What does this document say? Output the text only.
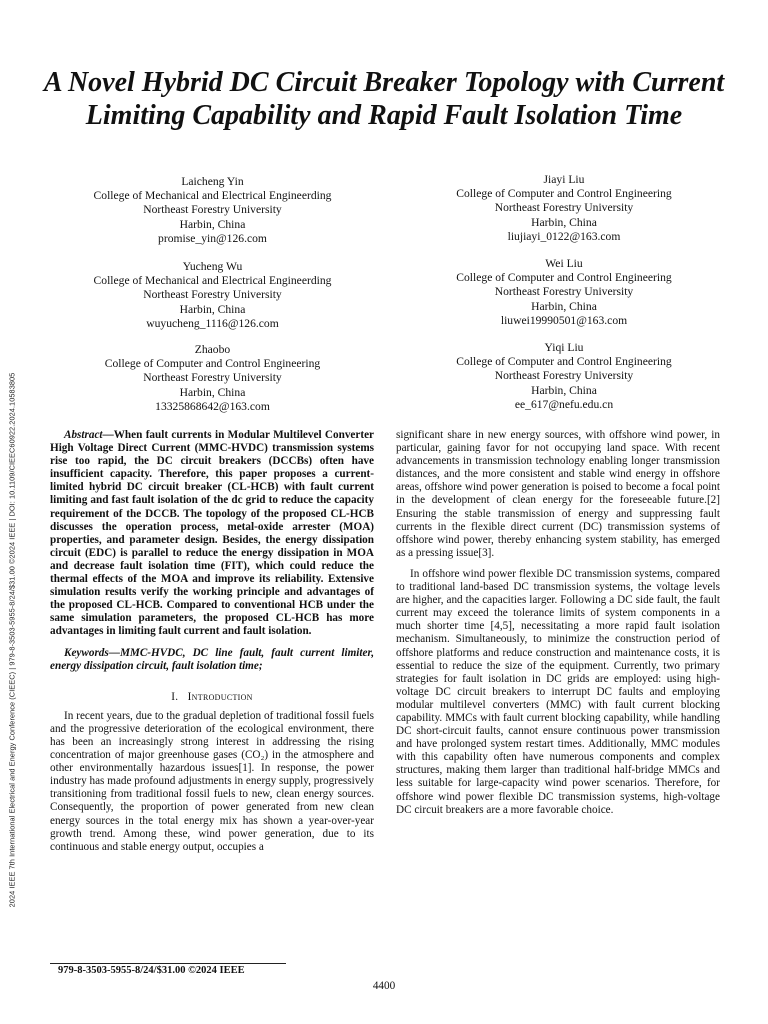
2024 IEEE 7th International Electrical and Energy Conference (CIEEC) | 979-8-3503-5955-8/24/$31.00 ©2024 IEEE | DOI: 10.1109/CIEEC60922.2024.10583805
A Novel Hybrid DC Circuit Breaker Topology with Current Limiting Capability and Rapid Fault Isolation Time
Laicheng Yin
College of Mechanical and Electrical Engineerding
Northeast Forestry University
Harbin, China
promise_yin@126.com
Jiayi Liu
College of Computer and Control Engineering
Northeast Forestry University
Harbin, China
liujiayi_0122@163.com
Yucheng Wu
College of Mechanical and Electrical Engineerding
Northeast Forestry University
Harbin, China
wuyucheng_1116@126.com
Wei Liu
College of Computer and Control Engineering
Northeast Forestry University
Harbin, China
liuwei19990501@163.com
Zhaobo
College of Computer and Control Engineering
Northeast Forestry University
Harbin, China
13325868642@163.com
Yiqi Liu
College of Computer and Control Engineering
Northeast Forestry University
Harbin, China
ee_617@nefu.edu.cn

Abstract—When fault currents in Modular Multilevel Converter High Voltage Direct Current (MMC-HVDC) transmission systems rise too rapid, the DC circuit breakers (DCCBs) often have insufficient capacity. Therefore, this paper proposes a current-limited hybrid DC circuit breaker (CL-HCB) with fault current limiting and fast fault isolation of the dc grid to reduce the capacity requirement of the DCCB. The topology of the proposed CL-HCB discusses the operation process, metal-oxide arrester (MOA) properties, and parameter design. Besides, the energy dissipation circuit (EDC) is parallel to reduce the energy dissipation in MOA and decrease fault isolation time (FIT), which could reduce the thermal effects of the MOA and improve its reliability. Extensive simulation results verify the working principle and advantages of the proposed CL-HCB. Compared to conventional HCB under the same simulation parameters, the proposed CL-HCB has more advantages in limiting fault current and fault isolation.

Keywords—MMC-HVDC, DC line fault, fault current limiter, energy dissipation circuit, fault isolation time;

I. Introduction

In recent years, due to the gradual depletion of traditional fossil fuels and the progressive deterioration of the ecological environment, there has been an increasingly strong interest in addressing the rising concentration of major greenhouse gases (CO₂) in the atmosphere and other environmentally hazardous issues[1]. In response, the power industry has made profound adjustments in energy supply, progressively transitioning from traditional fossil fuels to new, clean energy sources. Consequently, the proportion of power generated from new clean energy sources in the total energy mix has shown a year-over-year growth trend. Among these, wind power generation, due to its continuous and stable energy output, occupies a

significant share in new energy sources, with offshore wind power, in particular, gaining favor for not occupying land space. With recent advancements in transmission technology enabling longer transmission distances, and the more consistent and stable wind energy in offshore areas, offshore wind power generation is poised to become a focal point in the development of clean energy for the foreseeable future.[2] Ensuring the stable transmission of energy and suppressing fault currents in the flexible direct current (DC) transmission systems of offshore wind power, thereby enhancing system stability, has emerged as a pressing issue[3].

In offshore wind power flexible DC transmission systems, compared to traditional land-based DC transmission systems, the voltage levels are higher, and the capacities larger. Following a DC side fault, the fault current may exceed the tolerance limits of system components in a much shorter time [4,5], necessitating a more rapid fault isolation mechanism. Simultaneously, to minimize the construction period of offshore platforms and reduce construction and maintenance costs, it is essential to reduce the size of the equipment. Currently, two primary strategies for fault isolation in DC grids are employed: using high-voltage DC circuit breakers to interrupt DC faults and employing modular multilevel converters (MMC) with fault current blocking capability. MMCs with fault current blocking capability, while handling DC short-circuit faults, cannot ensure continuous power transmission and have prolonged system restart times. Additionally, MMC modules with this capability often have numerous components and complex structures, making them larger than traditional half-bridge MMCs and less suitable for large-capacity wind power scenarios. Therefore, for offshore wind power flexible DC transmission systems, high-voltage DC circuit breakers are a more favorable choice.

979-8-3503-5955-8/24/$31.00 ©2024 IEEE
4400
